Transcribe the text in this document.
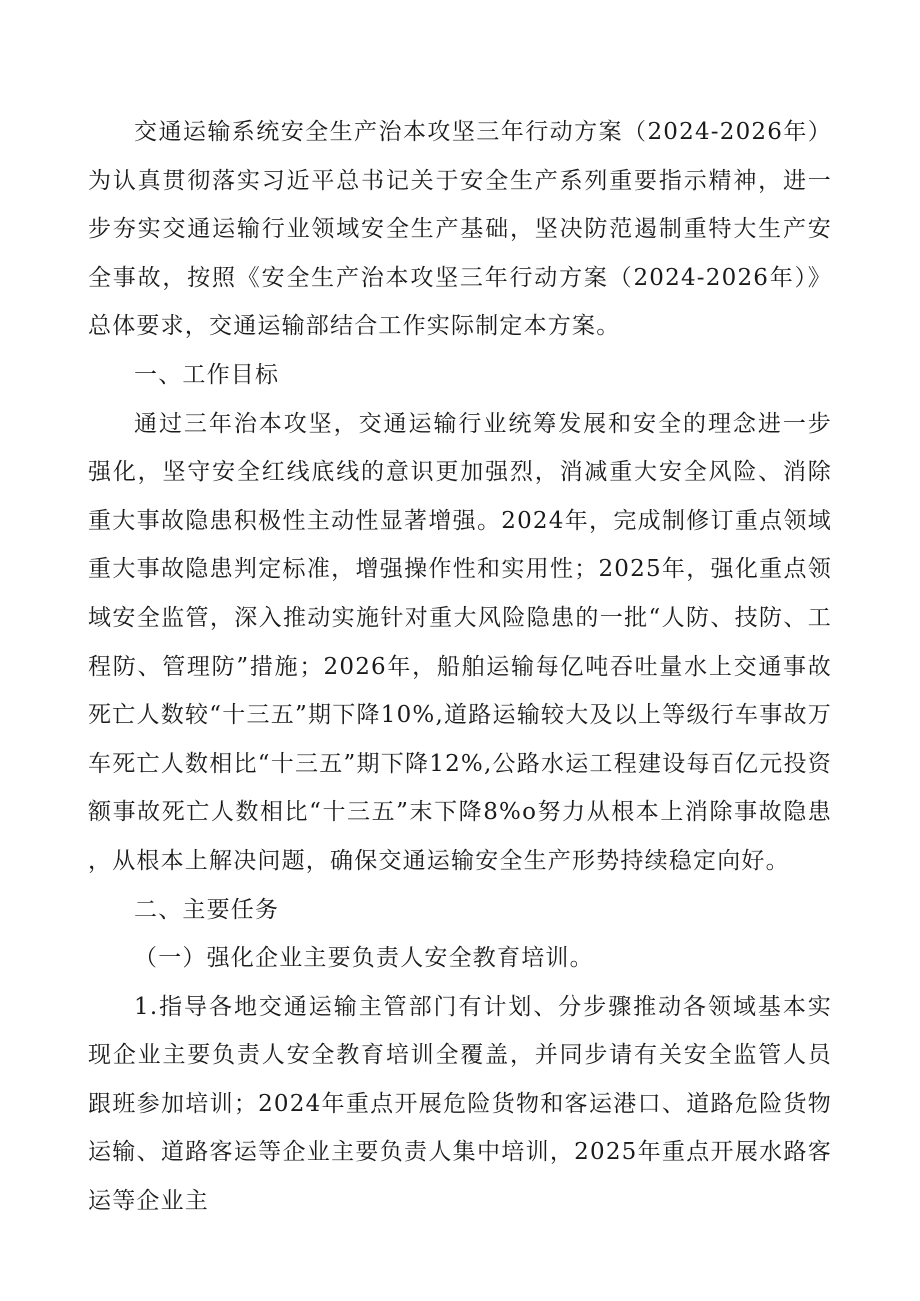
交通运输系统安全生产治本攻坚三年行动方案（2024-2026年）为认真贯彻落实习近平总书记关于安全生产系列重要指示精神，进一步夯实交通运输行业领域安全生产基础，坚决防范遏制重特大生产安全事故，按照《安全生产治本攻坚三年行动方案（2024-2026年）》总体要求，交通运输部结合工作实际制定本方案。

一、工作目标

通过三年治本攻坚，交通运输行业统筹发展和安全的理念进一步强化，坚守安全红线底线的意识更加强烈，消减重大安全风险、消除重大事故隐患积极性主动性显著增强。2024年，完成制修订重点领域重大事故隐患判定标准，增强操作性和实用性；2025年，强化重点领域安全监管，深入推动实施针对重大风险隐患的一批“人防、技防、工程防、管理防”措施；2026年，船舶运输每亿吨吞吐量水上交通事故死亡人数较“十三五”期下降10%,道路运输较大及以上等级行车事故万车死亡人数相比“十三五”期下降12%,公路水运工程建设每百亿元投资额事故死亡人数相比“十三五”末下降8%o努力从根本上消除事故隐患，从根本上解决问题，确保交通运输安全生产形势持续稳定向好。

二、主要任务

（一）强化企业主要负责人安全教育培训。

1.指导各地交通运输主管部门有计划、分步骤推动各领域基本实现企业主要负责人安全教育培训全覆盖，并同步请有关安全监管人员跟班参加培训；2024年重点开展危险货物和客运港口、道路危险货物运输、道路客运等企业主要负责人集中培训，2025年重点开展水路客运等企业主
